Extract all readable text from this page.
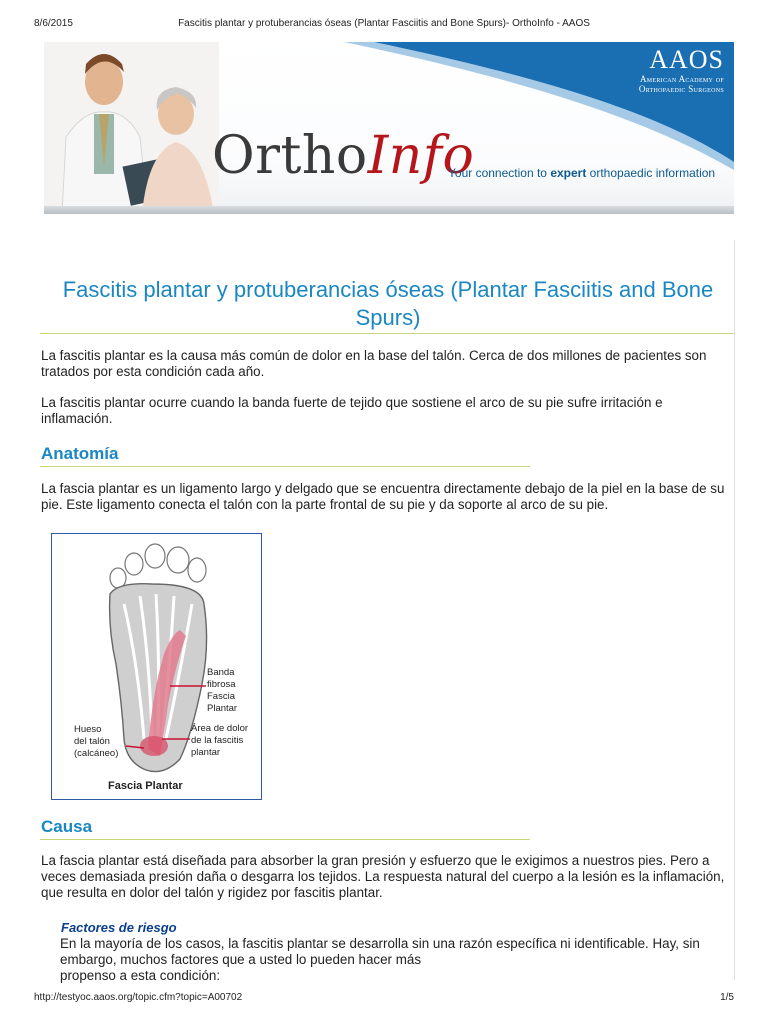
8/6/2015	Fascitis plantar y protuberancias óseas (Plantar Fasciitis and Bone Spurs)- OrthoInfo - AAOS
OrthoInfo
Your connection to expert orthopaedic information
AAOS
American Academy of
Orthopaedic Surgeons
Fascitis plantar y protuberancias óseas (Plantar Fasciitis and Bone Spurs)

La fascitis plantar es la causa más común de dolor en la base del talón. Cerca de dos millones de pacientes son tratados por esta condición cada año.

La fascitis plantar ocurre cuando la banda fuerte de tejido que sostiene el arco de su pie sufre irritación e inflamación.

Anatomía

La fascia plantar es un ligamento largo y delgado que se encuentra directamente debajo de la piel en la base de su pie. Este ligamento conecta el talón con la parte frontal de su pie y da soporte al arco de su pie.

Banda fibrosa
Fascia Plantar
Área de dolor
de la fascitis
plantar
Hueso
del talón
(calcáneo)
Fascia Plantar
Causa

La fascia plantar está diseñada para absorber la gran presión y esfuerzo que le exigimos a nuestros pies. Pero a veces demasiada presión daña o desgarra los tejidos. La respuesta natural del cuerpo a la lesión es la inflamación, que resulta en dolor del talón y rigidez por fascitis plantar.

Factores de riesgo
En la mayoría de los casos, la fascitis plantar se desarrolla sin una razón específica ni identificable. Hay, sin embargo, muchos factores que a usted lo pueden hacer más
propenso a esta condición:
http://testyoc.aaos.org/topic.cfm?topic=A00702	1/5
